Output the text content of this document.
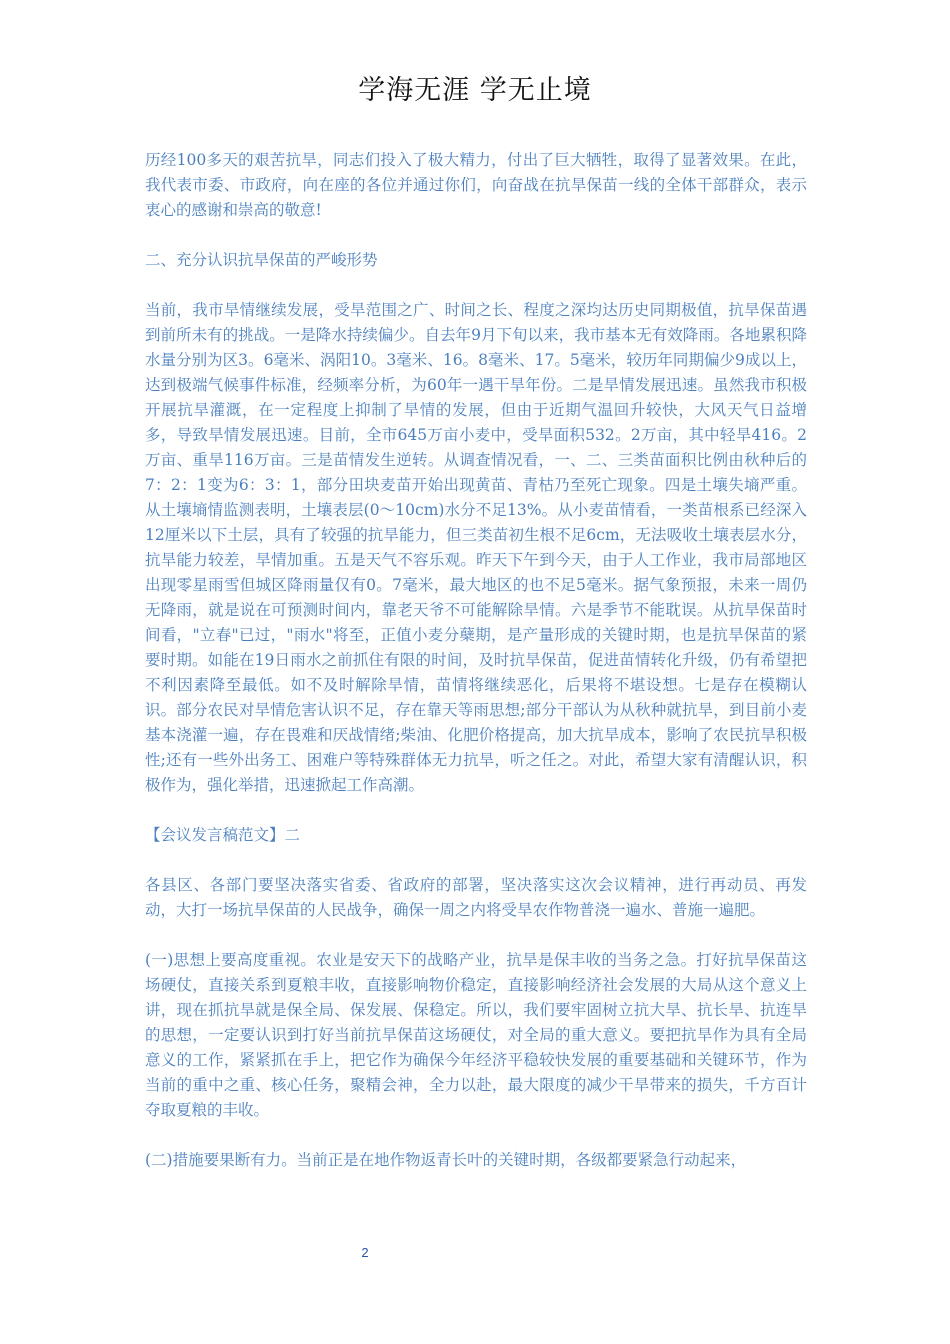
学海无涯 学无止境

历经100多天的艰苦抗旱，同志们投入了极大精力，付出了巨大牺牲，取得了显著效果。在此，我代表市委、市政府，向在座的各位并通过你们，向奋战在抗旱保苗一线的全体干部群众，表示衷心的感谢和崇高的敬意!

二、充分认识抗旱保苗的严峻形势

当前，我市旱情继续发展，受旱范围之广、时间之长、程度之深均达历史同期极值，抗旱保苗遇到前所未有的挑战。一是降水持续偏少。自去年9月下旬以来，我市基本无有效降雨。各地累积降水量分别为区3。6毫米、涡阳10。3毫米、16。8毫米、17。5毫米，较历年同期偏少9成以上，达到极端气候事件标准，经频率分析，为60年一遇干旱年份。二是旱情发展迅速。虽然我市积极开展抗旱灌溉，在一定程度上抑制了旱情的发展，但由于近期气温回升较快，大风天气日益增多，导致旱情发展迅速。目前，全市645万亩小麦中，受旱面积532。2万亩，其中轻旱416。2万亩、重旱116万亩。三是苗情发生逆转。从调查情况看，一、二、三类苗面积比例由秋种后的7：2：1变为6：3：1，部分田块麦苗开始出现黄苗、青枯乃至死亡现象。四是土壤失墒严重。从土壤墒情监测表明，土壤表层(0～10cm)水分不足13%。从小麦苗情看，一类苗根系已经深入12厘米以下土层，具有了较强的抗旱能力，但三类苗初生根不足6cm，无法吸收土壤表层水分，抗旱能力较差，旱情加重。五是天气不容乐观。昨天下午到今天，由于人工作业，我市局部地区出现零星雨雪但城区降雨量仅有0。7毫米，最大地区的也不足5毫米。据气象预报，未来一周仍无降雨，就是说在可预测时间内，靠老天爷不可能解除旱情。六是季节不能耽误。从抗旱保苗时间看，"立春"已过，"雨水"将至，正值小麦分蘖期，是产量形成的关键时期，也是抗旱保苗的紧要时期。如能在19日雨水之前抓住有限的时间，及时抗旱保苗，促进苗情转化升级，仍有希望把不利因素降至最低。如不及时解除旱情，苗情将继续恶化，后果将不堪设想。七是存在模糊认识。部分农民对旱情危害认识不足，存在靠天等雨思想;部分干部认为从秋种就抗旱，到目前小麦基本浇灌一遍，存在畏难和厌战情绪;柴油、化肥价格提高，加大抗旱成本，影响了农民抗旱积极性;还有一些外出务工、困难户等特殊群体无力抗旱，听之任之。对此，希望大家有清醒认识，积极作为，强化举措，迅速掀起工作高潮。

【会议发言稿范文】二

各县区、各部门要坚决落实省委、省政府的部署，坚决落实这次会议精神，进行再动员、再发动，大打一场抗旱保苗的人民战争，确保一周之内将受旱农作物普浇一遍水、普施一遍肥。

(一)思想上要高度重视。农业是安天下的战略产业，抗旱是保丰收的当务之急。打好抗旱保苗这场硬仗，直接关系到夏粮丰收，直接影响物价稳定，直接影响经济社会发展的大局从这个意义上讲，现在抓抗旱就是保全局、保发展、保稳定。所以，我们要牢固树立抗大旱、抗长旱、抗连旱的思想，一定要认识到打好当前抗旱保苗这场硬仗，对全局的重大意义。要把抗旱作为具有全局意义的工作，紧紧抓在手上，把它作为确保今年经济平稳较快发展的重要基础和关键环节，作为当前的重中之重、核心任务，聚精会神，全力以赴，最大限度的减少干旱带来的损失，千方百计夺取夏粮的丰收。

(二)措施要果断有力。当前正是在地作物返青长叶的关键时期，各级都要紧急行动起来，

2
